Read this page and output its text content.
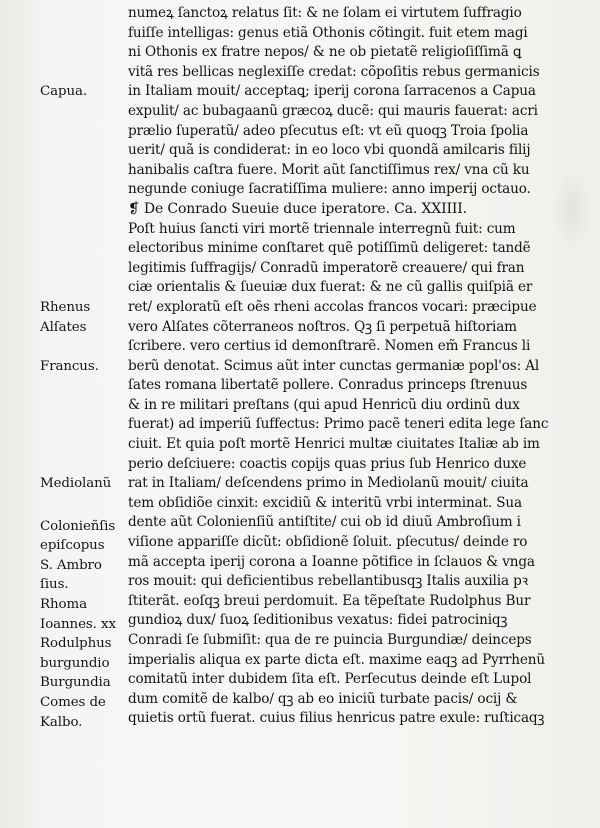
Capua.
Rhenus
Alſates
Francus.
Mediolanũ
Colonieñſis
epiſcopus
S. Ambro
ſius.
Rhoma
Ioannes. xx
Rodulphus
burgundio
Burgundia
Comes de
Kalbo.
numeꝝ ſanctoꝝ relatus ſit: & ne ſolam ei virtutem ſuffragio
fuiſſe intelligas: genus etiã Othonis cõtingit. fuit etem magi
ni Othonis ex fratre nepos/ & ne ob pietatẽ religioſiſſimã ꝗ
vitã res bellicas neglexiſſe credat: cõpoſitis rebus germanicis
in Italiam mouit/ acceptaꝗ; iperij corona ſarracenos a Capua
expulit/ ac bubagaanũ græcoꝝ ducẽ: qui mauris fauerat: acri
prælio ſuperatũ/ adeo pſecutus eſt: vt eũ quoqꝫ Troia ſpolia
uerit/ quã is condiderat: in eo loco vbi quondã amilcaris filij
hanibalis caſtra fuere. Morit aũt ſanctiſſimus rex/ vna cũ ku
negunde coniuge ſacratiſſima muliere: anno imperij octauo.
❡ De Conrado Sueuie duce iperatore. Ca. XXIIII.
Poſt huius ſancti viri mortẽ triennale interregnũ fuit: cum
electoribus minime conſtaret quẽ potiſſimũ deligeret: tandẽ
legitimis ſuffragijs/ Conradũ imperatorẽ creauere/ qui fran
ciæ orientalis & ſueuiæ dux fuerat: & ne cũ gallis quiſpiã er
ret/ exploratũ eſt oẽs rheni accolas francos vocari: præcipue
vero Alſates cõterraneos noſtros. Qꝫ ſi perpetuã hiſtoriam
ſcribere. vero certius id demonſtrarẽ. Nomen em̃ Francus li
berũ denotat. Scimus aũt inter cunctas germaniæ popl'os: Al
ſates romana libertatẽ pollere. Conradus princeps ſtrenuus
& in re militari preſtans (qui apud Henricũ diu ordinũ dux
fuerat) ad imperiũ ſuffectus: Primo pacẽ teneri edita lege ſanc
ciuit. Et quia poſt mortẽ Henrici multæ ciuitates Italiæ ab im
perio deſciuere: coactis copijs quas prius ſub Henrico duxe
rat in Italiam/ deſcendens primo in Mediolanũ mouit/ ciuita
tem obſidiõe cinxit: excidiũ & interitũ vrbi interminat. Sua
dente aũt Colonienſiũ antiſtite/ cui ob id diuũ Ambroſium i
viſione appariſſe dicũt: obſidionẽ ſoluit. pſecutus/ deinde ro
mã accepta iperij corona a Ioanne põtifice in ſclauos & vnga
ros mouit: qui deficientibus rebellantibusqꝫ Italis auxilia pꝛ
ſtiterãt. eoſqꝫ breui perdomuit. Ea tẽpeſtate Rudolphus Bur
gundioꝝ dux/ ſuoꝝ ſeditionibus vexatus: fidei patrociniqꝫ
Conradi ſe ſubmiſit: qua de re puincia Burgundiæ/ deinceps
imperialis aliqua ex parte dicta eſt. maxime eaqꝫ ad Pyrrhenũ
comitatũ inter dubidem ſita eſt. Perſecutus deinde eſt Lupol
dum comitẽ de kalbo/ qꝫ ab eo iniciũ turbate pacis/ ocij &
quietis ortũ fuerat. cuius filius henricus patre exule: ruſticaqꝫ
